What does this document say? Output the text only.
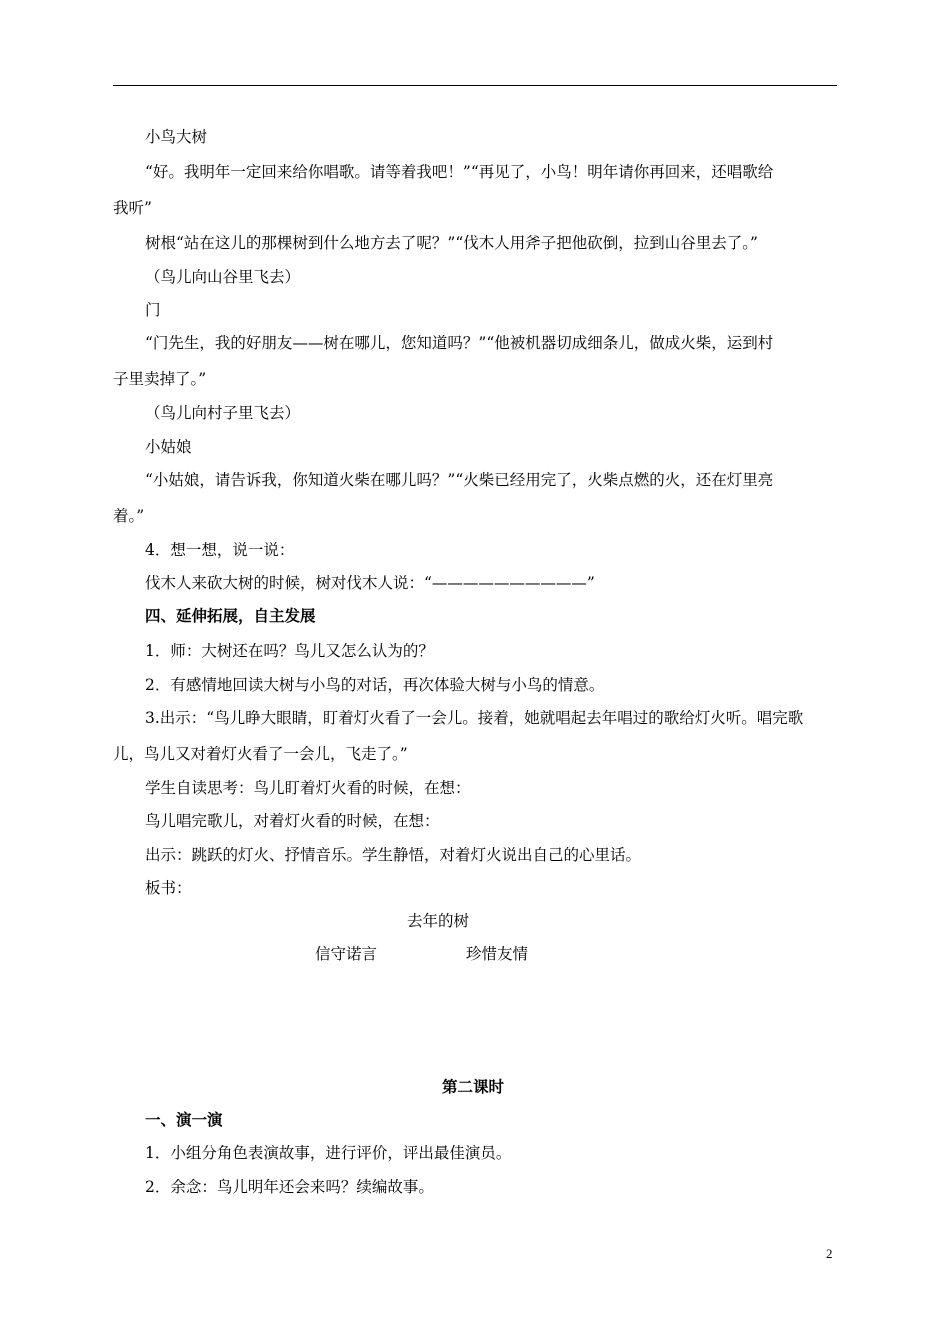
小鸟大树
“好。我明年一定回来给你唱歌。请等着我吧！”“再见了，小鸟！明年请你再回来，还唱歌给
我听”
树根“站在这儿的那棵树到什么地方去了呢？”“伐木人用斧子把他砍倒，拉到山谷里去了。”
（鸟儿向山谷里飞去）
门
“门先生，我的好朋友——树在哪儿，您知道吗？”“他被机器切成细条儿，做成火柴，运到村
子里卖掉了。”
（鸟儿向村子里飞去）
小姑娘
“小姑娘，请告诉我，你知道火柴在哪儿吗？”“火柴已经用完了，火柴点燃的火，还在灯里亮
着。”
4．想一想，说一说：
伐木人来砍大树的时候，树对伐木人说：“——————————”
四、延伸拓展，自主发展
1．师：大树还在吗？鸟儿又怎么认为的？
2．有感情地回读大树与小鸟的对话，再次体验大树与小鸟的情意。
3.出示：“鸟儿睁大眼睛，盯着灯火看了一会儿。接着，她就唱起去年唱过的歌给灯火听。唱完歌
儿，鸟儿又对着灯火看了一会儿，飞走了。”
学生自读思考：鸟儿盯着灯火看的时候，在想：
鸟儿唱完歌儿，对着灯火看的时候，在想：
出示：跳跃的灯火、抒情音乐。学生静悟，对着灯火说出自己的心里话。
板书：
去年的树
信守诺言	珍惜友情
第二课时
一、演一演
1．小组分角色表演故事，进行评价，评出最佳演员。
2．余念：鸟儿明年还会来吗？续编故事。
2
